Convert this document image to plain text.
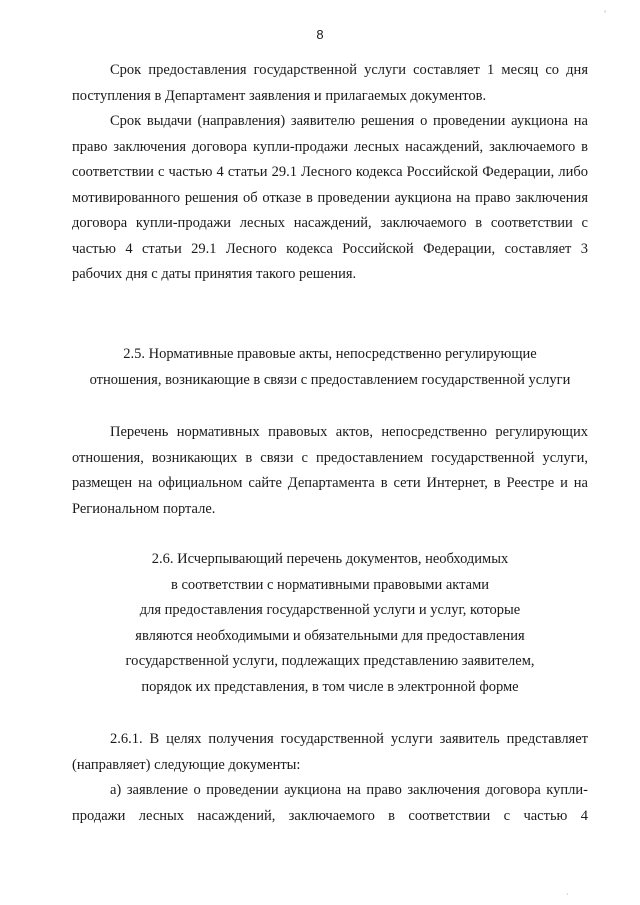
8

Срок предоставления государственной услуги составляет 1 месяц со дня поступления в Департамент заявления и прилагаемых документов.

Срок выдачи (направления) заявителю решения о проведении аукциона на право заключения договора купли-продажи лесных насаждений, заключаемого в соответствии с частью 4 статьи 29.1 Лесного кодекса Российской Федерации, либо мотивированного решения об отказе в проведении аукциона на право заключения договора купли-продажи лесных насаждений, заключаемого в соответствии с частью 4 статьи 29.1 Лесного кодекса Российской Федерации, составляет 3 рабочих дня с даты принятия такого решения.

2.5. Нормативные правовые акты, непосредственно регулирующие
отношения, возникающие в связи с предоставлением государственной услуги

Перечень нормативных правовых актов, непосредственно регулирующих отношения, возникающих в связи с предоставлением государственной услуги, размещен на официальном сайте Департамента в сети Интернет, в Реестре и на Региональном портале.

2.6. Исчерпывающий перечень документов, необходимых
в соответствии с нормативными правовыми актами
для предоставления государственной услуги и услуг, которые
являются необходимыми и обязательными для предоставления
государственной услуги, подлежащих представлению заявителем,
порядок их представления, в том числе в электронной форме

2.6.1. В целях получения государственной услуги заявитель представляет (направляет) следующие документы:

а) заявление о проведении аукциона на право заключения договора купли-продажи лесных насаждений, заключаемого в соответствии с частью 4

ʹ
·
